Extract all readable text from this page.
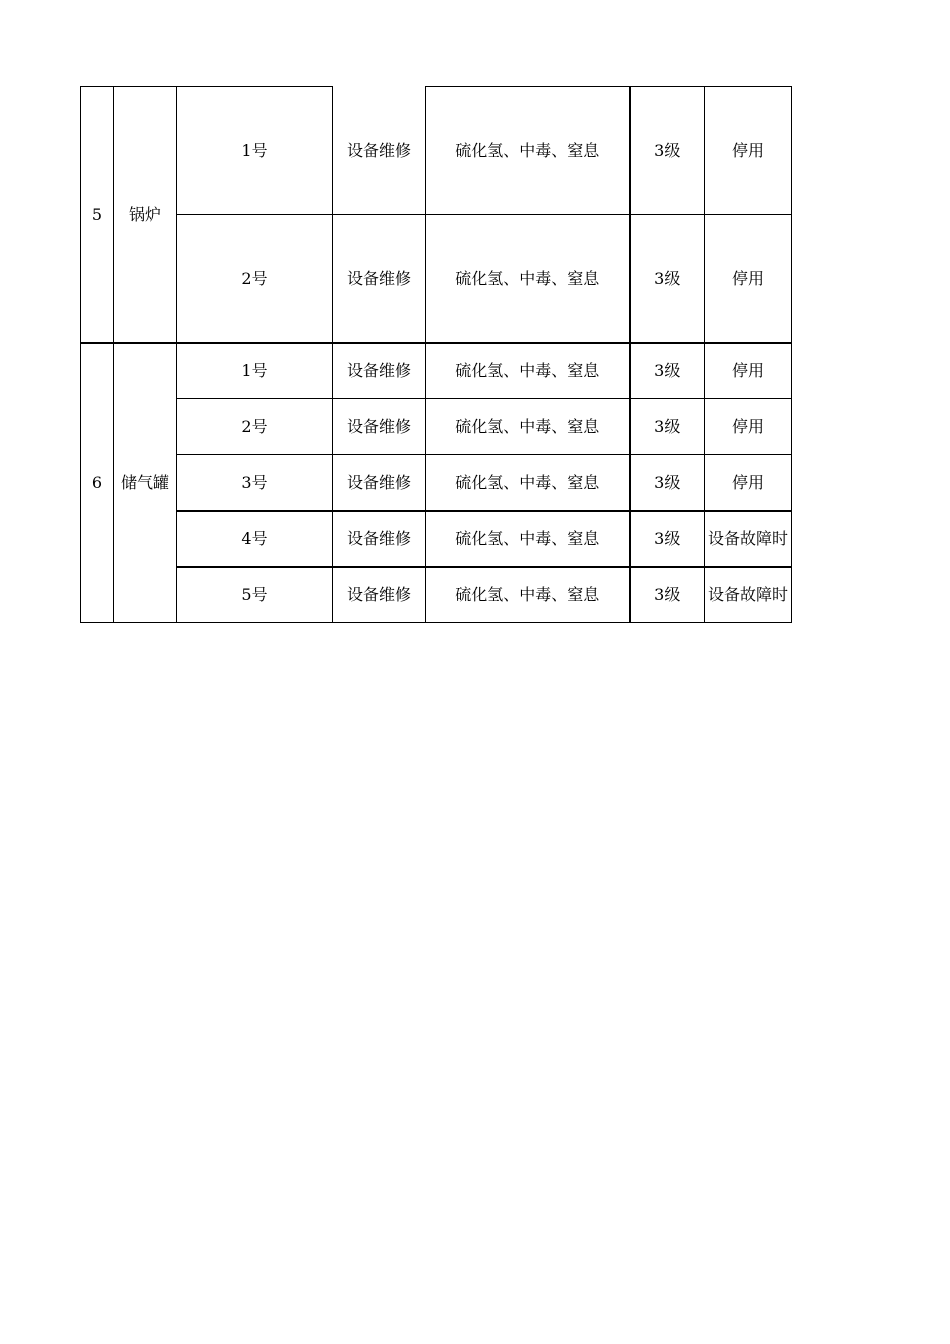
5	锅炉	1号	设备维修	硫化氢、中毒、窒息	3级	停用
		2号	设备维修	硫化氢、中毒、窒息	3级	停用
6	储气罐	1号	设备维修	硫化氢、中毒、窒息	3级	停用
		2号	设备维修	硫化氢、中毒、窒息	3级	停用
		3号	设备维修	硫化氢、中毒、窒息	3级	停用
		4号	设备维修	硫化氢、中毒、窒息	3级	设备故障时
		5号	设备维修	硫化氢、中毒、窒息	3级	设备故障时
